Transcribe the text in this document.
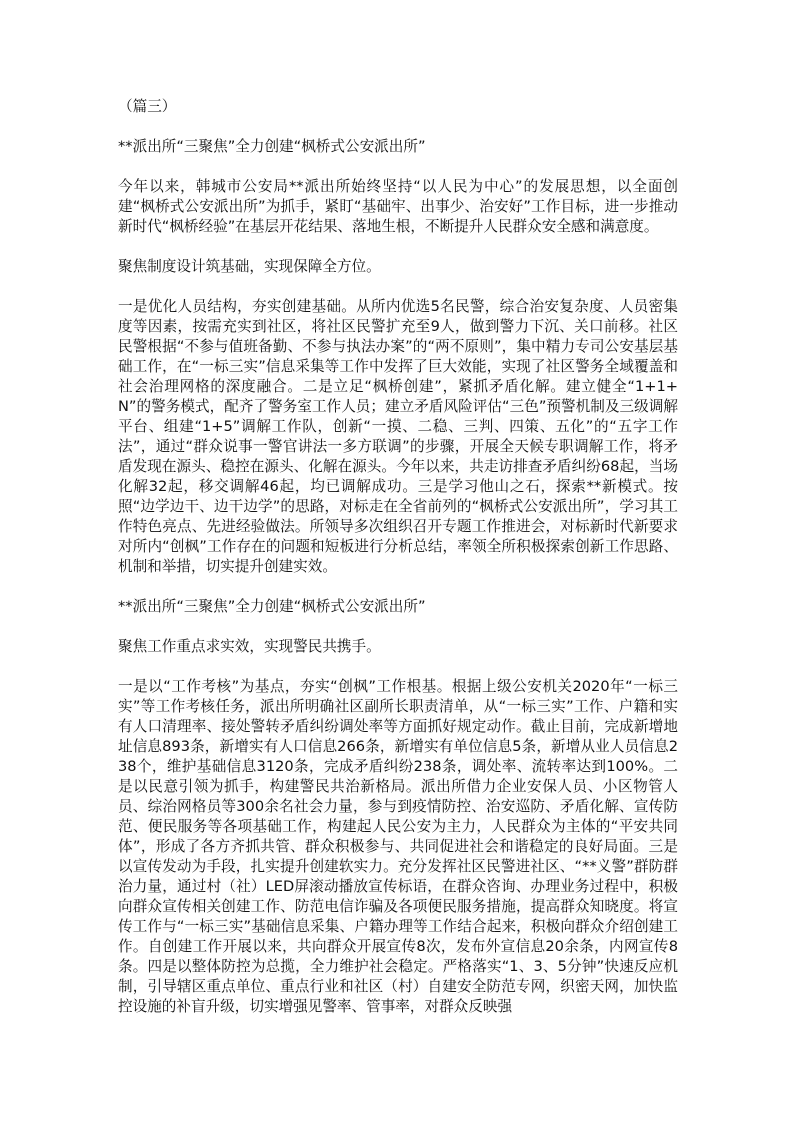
（篇三）

**派出所“三聚焦”全力创建“枫桥式公安派出所”

今年以来，韩城市公安局**派出所始终坚持“以人民为中心”的发展思想，以全面创建“枫桥式公安派出所”为抓手，紧盯“基础牢、出事少、治安好”工作目标，进一步推动新时代“枫桥经验”在基层开花结果、落地生根，不断提升人民群众安全感和满意度。

聚焦制度设计筑基础，实现保障全方位。

一是优化人员结构，夯实创建基础。从所内优选5名民警，综合治安复杂度、人员密集度等因素，按需充实到社区，将社区民警扩充至9人，做到警力下沉、关口前移。社区民警根据“不参与值班备勤、不参与执法办案”的“两不原则”，集中精力专司公安基层基础工作，在“一标三实”信息采集等工作中发挥了巨大效能，实现了社区警务全域覆盖和社会治理网格的深度融合。二是立足“枫桥创建”，紧抓矛盾化解。建立健全“1+1+N”的警务模式，配齐了警务室工作人员；建立矛盾风险评估“三色”预警机制及三级调解平台、组建“1+5”调解工作队，创新“一摸、二稳、三判、四策、五化”的“五字工作法”，通过“群众说事一警官讲法一多方联调”的步骤，开展全天候专职调解工作，将矛盾发现在源头、稳控在源头、化解在源头。今年以来，共走访排查矛盾纠纷68起，当场化解32起，移交调解46起，均已调解成功。三是学习他山之石，探索**新模式。按照“边学边干、边干边学”的思路，对标走在全省前列的“枫桥式公安派出所”，学习其工作特色亮点、先进经验做法。所领导多次组织召开专题工作推进会，对标新时代新要求对所内“创枫”工作存在的问题和短板进行分析总结，率领全所积极探索创新工作思路、机制和举措，切实提升创建实效。

**派出所“三聚焦”全力创建“枫桥式公安派出所”

聚焦工作重点求实效，实现警民共携手。

一是以“工作考核”为基点，夯实“创枫”工作根基。根据上级公安机关2020年“一标三实”等工作考核任务，派出所明确社区副所长职责清单，从“一标三实”工作、户籍和实有人口清理率、接处警转矛盾纠纷调处率等方面抓好规定动作。截止目前，完成新增地址信息893条，新增实有人口信息266条，新增实有单位信息5条，新增从业人员信息238个，维护基础信息3120条，完成矛盾纠纷238条，调处率、流转率达到100%。二是以民意引领为抓手，构建警民共治新格局。派出所借力企业安保人员、小区物管人员、综治网格员等300余名社会力量，参与到疫情防控、治安巡防、矛盾化解、宣传防范、便民服务等各项基础工作，构建起人民公安为主力，人民群众为主体的“平安共同体”，形成了各方齐抓共管、群众积极参与、共同促进社会和谐稳定的良好局面。三是以宣传发动为手段，扎实提升创建软实力。充分发挥社区民警进社区、“**义警”群防群治力量，通过村（社）LED屏滚动播放宣传标语，在群众咨询、办理业务过程中，积极向群众宣传相关创建工作、防范电信诈骗及各项便民服务措施，提高群众知晓度。将宣传工作与“一标三实”基础信息采集、户籍办理等工作结合起来，积极向群众介绍创建工作。自创建工作开展以来，共向群众开展宣传8次，发布外宣信息20余条，内网宣传8条。四是以整体防控为总揽，全力维护社会稳定。严格落实“1、3、5分钟”快速反应机制，引导辖区重点单位、重点行业和社区（村）自建安全防范专网，织密天网，加快监控设施的补盲升级，切实增强见警率、管事率，对群众反映强
